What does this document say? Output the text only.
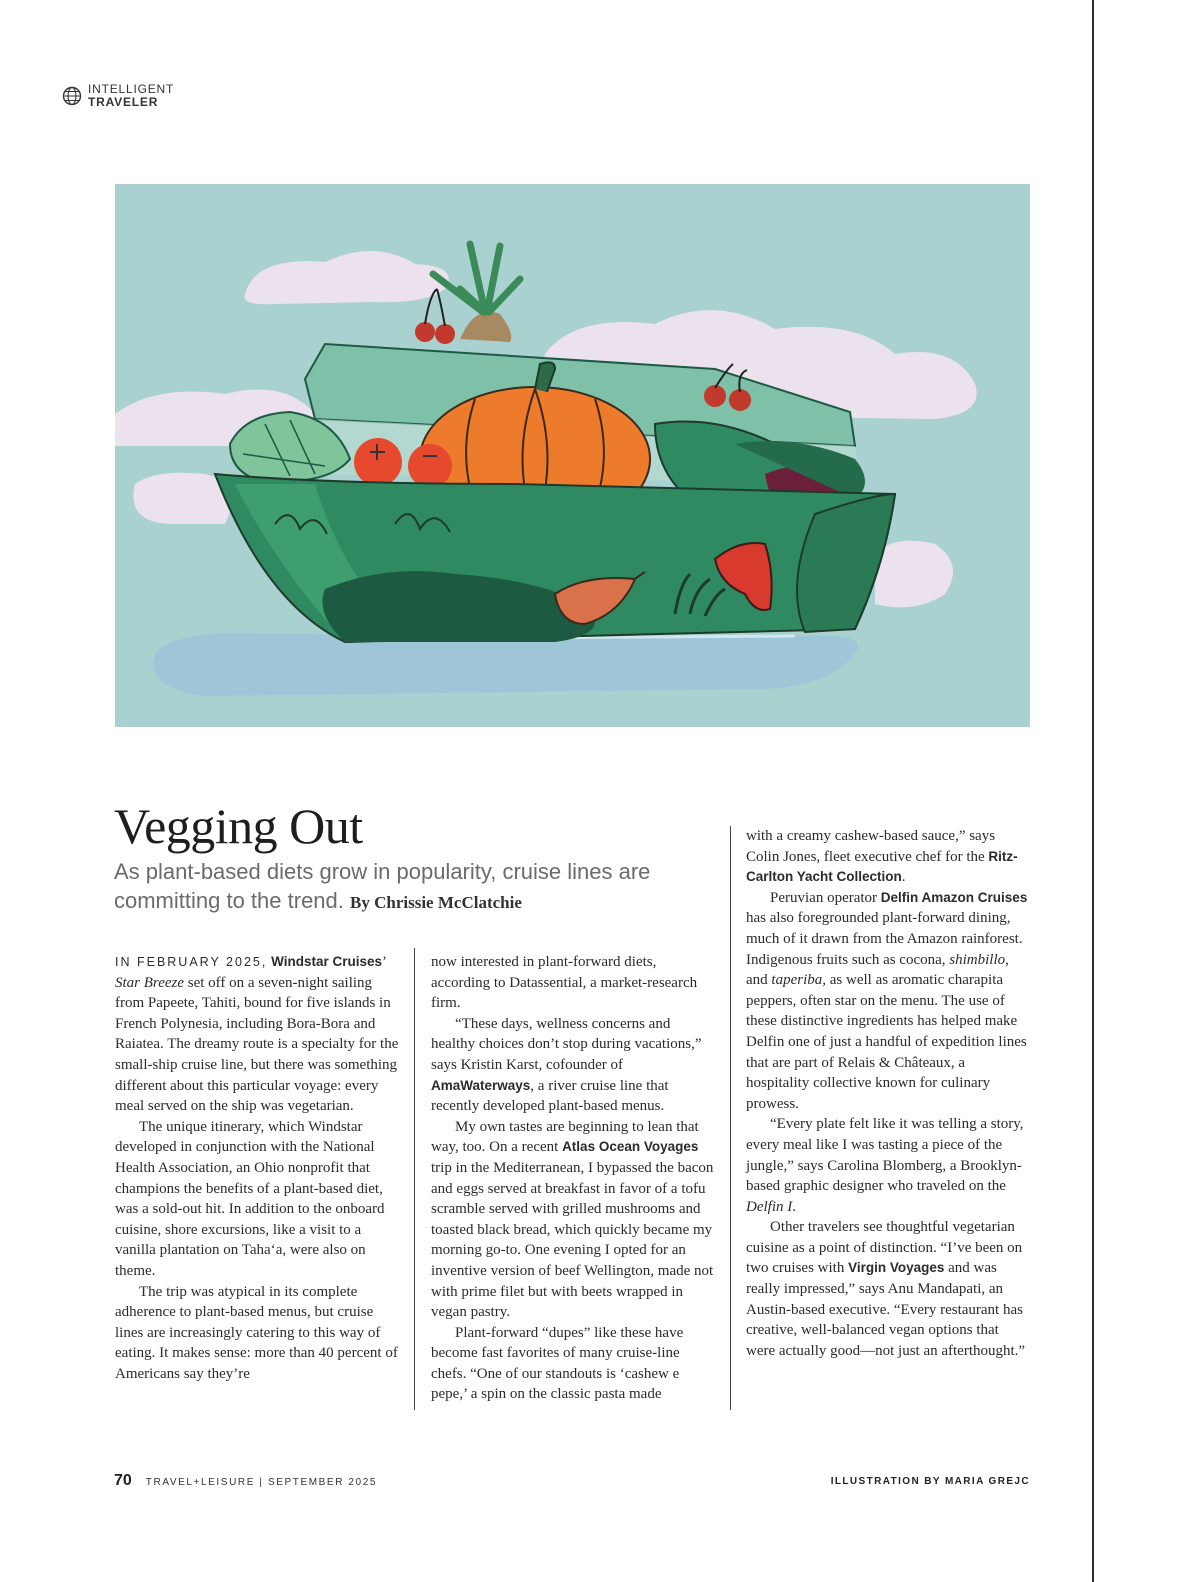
INTELLIGENT
TRAVELER
Vegging Out
As plant-based diets grow in popularity, cruise lines are committing to the trend. By Chrissie McClatchie

IN FEBRUARY 2025, Windstar Cruises’ Star Breeze set off on a seven-night sailing from Papeete, Tahiti, bound for five islands in French Polynesia, including Bora-Bora and Raiatea. The dreamy route is a specialty for the small-ship cruise line, but there was something different about this particular voyage: every meal served on the ship was vegetarian.

The unique itinerary, which Windstar developed in conjunction with the National Health Association, an Ohio nonprofit that champions the benefits of a plant-based diet, was a sold-out hit. In addition to the onboard cuisine, shore excursions, like a visit to a vanilla plantation on Taha‘a, were also on theme.

The trip was atypical in its complete adherence to plant-based menus, but cruise lines are increasingly catering to this way of eating. It makes sense: more than 40 percent of Americans say they’re

now interested in plant-forward diets, according to Datassential, a market-research firm.

“These days, wellness concerns and healthy choices don’t stop during vacations,” says Kristin Karst, cofounder of AmaWaterways, a river cruise line that recently developed plant-based menus.

My own tastes are beginning to lean that way, too. On a recent Atlas Ocean Voyages trip in the Mediterranean, I bypassed the bacon and eggs served at breakfast in favor of a tofu scramble served with grilled mushrooms and toasted black bread, which quickly became my morning go-to. One evening I opted for an inventive version of beef Wellington, made not with prime filet but with beets wrapped in vegan pastry.

Plant-forward “dupes” like these have become fast favorites of many cruise-line chefs. “One of our standouts is ‘cashew e pepe,’ a spin on the classic pasta made

with a creamy cashew-based sauce,” says Colin Jones, fleet executive chef for the Ritz-Carlton Yacht Collection.

Peruvian operator Delfin Amazon Cruises has also foregrounded plant-forward dining, much of it drawn from the Amazon rainforest. Indigenous fruits such as cocona, shimbillo, and taperiba, as well as aromatic charapita peppers, often star on the menu. The use of these distinctive ingredients has helped make Delfin one of just a handful of expedition lines that are part of Relais & Châteaux, a hospitality collective known for culinary prowess.

“Every plate felt like it was telling a story, every meal like I was tasting a piece of the jungle,” says Carolina Blomberg, a Brooklyn-based graphic designer who traveled on the Delfin I.

Other travelers see thoughtful vegetarian cuisine as a point of distinction. “I’ve been on two cruises with Virgin Voyages and was really impressed,” says Anu Mandapati, an Austin-based executive. “Every restaurant has creative, well-balanced vegan options that were actually good—not just an afterthought.”

70 TRAVEL+LEISURE | SEPTEMBER 2025	ILLUSTRATION BY MARIA GREJC
